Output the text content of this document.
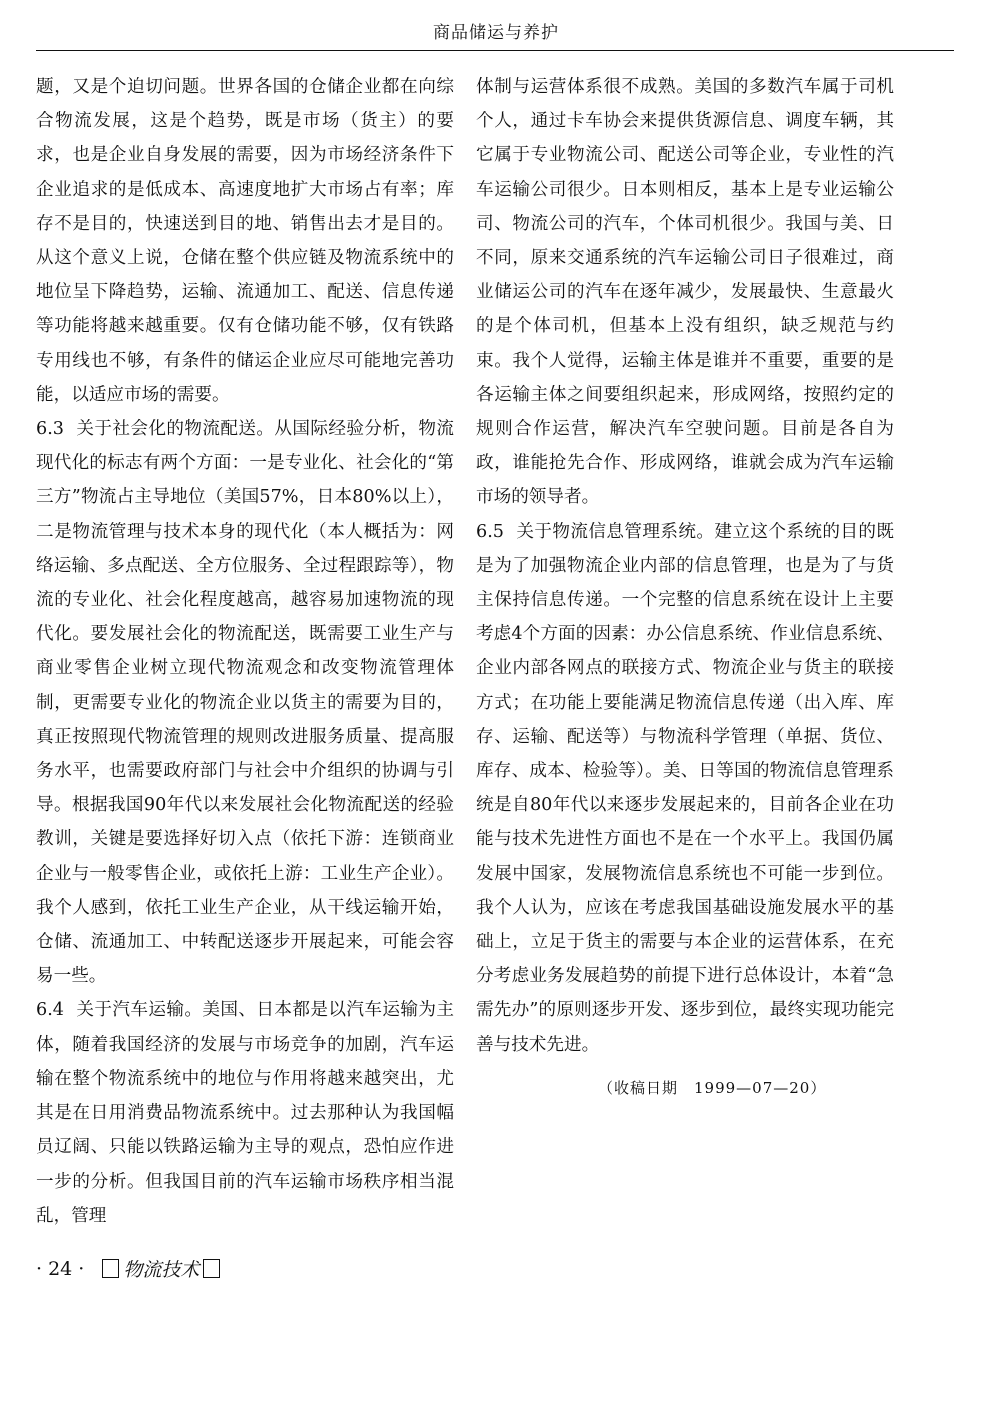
商品储运与养护

题，又是个迫切问题。世界各国的仓储企业都在向综合物流发展，这是个趋势，既是市场（货主）的要求，也是企业自身发展的需要，因为市场经济条件下企业追求的是低成本、高速度地扩大市场占有率；库存不是目的，快速送到目的地、销售出去才是目的。从这个意义上说，仓储在整个供应链及物流系统中的地位呈下降趋势，运输、流通加工、配送、信息传递等功能将越来越重要。仅有仓储功能不够，仅有铁路专用线也不够，有条件的储运企业应尽可能地完善功能，以适应市场的需要。

6.3 关于社会化的物流配送。从国际经验分析，物流现代化的标志有两个方面：一是专业化、社会化的“第三方”物流占主导地位（美国57%，日本80%以上），二是物流管理与技术本身的现代化（本人概括为：网络运输、多点配送、全方位服务、全过程跟踪等），物流的专业化、社会化程度越高，越容易加速物流的现代化。要发展社会化的物流配送，既需要工业生产与商业零售企业树立现代物流观念和改变物流管理体制，更需要专业化的物流企业以货主的需要为目的，真正按照现代物流管理的规则改进服务质量、提高服务水平，也需要政府部门与社会中介组织的协调与引导。根据我国90年代以来发展社会化物流配送的经验教训，关键是要选择好切入点（依托下游：连锁商业企业与一般零售企业，或依托上游：工业生产企业）。我个人感到，依托工业生产企业，从干线运输开始，仓储、流通加工、中转配送逐步开展起来，可能会容易一些。

6.4 关于汽车运输。美国、日本都是以汽车运输为主体，随着我国经济的发展与市场竞争的加剧，汽车运输在整个物流系统中的地位与作用将越来越突出，尤其是在日用消费品物流系统中。过去那种认为我国幅员辽阔、只能以铁路运输为主导的观点，恐怕应作进一步的分析。但我国目前的汽车运输市场秩序相当混乱，管理

体制与运营体系很不成熟。美国的多数汽车属于司机个人，通过卡车协会来提供货源信息、调度车辆，其它属于专业物流公司、配送公司等企业，专业性的汽车运输公司很少。日本则相反，基本上是专业运输公司、物流公司的汽车，个体司机很少。我国与美、日不同，原来交通系统的汽车运输公司日子很难过，商业储运公司的汽车在逐年减少，发展最快、生意最火的是个体司机，但基本上没有组织，缺乏规范与约束。我个人觉得，运输主体是谁并不重要，重要的是各运输主体之间要组织起来，形成网络，按照约定的规则合作运营，解决汽车空驶问题。目前是各自为政，谁能抢先合作、形成网络，谁就会成为汽车运输市场的领导者。

6.5 关于物流信息管理系统。建立这个系统的目的既是为了加强物流企业内部的信息管理，也是为了与货主保持信息传递。一个完整的信息系统在设计上主要考虑4个方面的因素：办公信息系统、作业信息系统、企业内部各网点的联接方式、物流企业与货主的联接方式；在功能上要能满足物流信息传递（出入库、库存、运输、配送等）与物流科学管理（单据、货位、库存、成本、检验等）。美、日等国的物流信息管理系统是自80年代以来逐步发展起来的，目前各企业在功能与技术先进性方面也不是在一个水平上。我国仍属发展中国家，发展物流信息系统也不可能一步到位。我个人认为，应该在考虑我国基础设施发展水平的基础上，立足于货主的需要与本企业的运营体系，在充分考虑业务发展趋势的前提下进行总体设计，本着“急需先办”的原则逐步开发、逐步到位，最终实现功能完善与技术先进。

（收稿日期　1999—07—20）
· 24 · 物流技术
